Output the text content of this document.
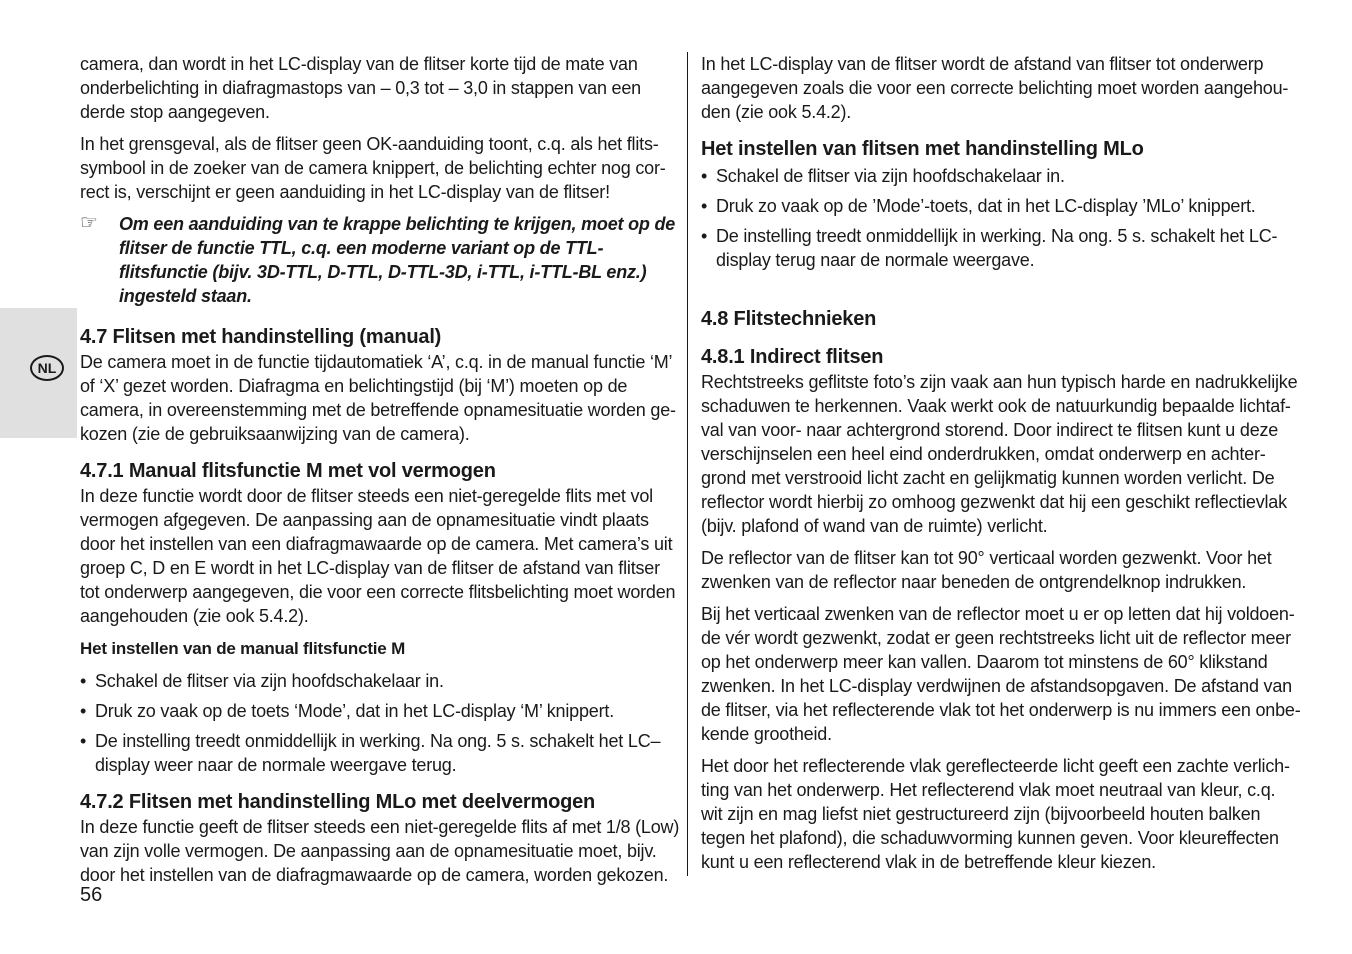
NL

camera, dan wordt in het LC-display van de flitser korte tijd de mate van onderbelichting in diafragmastops van – 0,3 tot – 3,0 in stappen van een derde stop aangegeven.

In het grensgeval, als de flitser geen OK-aanduiding toont, c.q. als het flits-symbool in de zoeker van de camera knippert, de belichting echter nog cor-rect is, verschijnt er geen aanduiding in het LC-display van de flitser!

☞ Om een aanduiding van te krappe belichting te krijgen, moet op de flitser de functie TTL, c.q. een moderne variant op de TTL-flitsfunctie (bijv. 3D-TTL, D-TTL, D-TTL-3D, i-TTL, i-TTL-BL enz.) ingesteld staan.
4.7 Flitsen met handinstelling (manual)

De camera moet in de functie tijdautomatiek ‘A’, c.q. in de manual functie ‘M’ of ‘X’ gezet worden. Diafragma en belichtingstijd (bij ‘M’) moeten op de camera, in overeenstemming met de betreffende opnamesituatie worden ge-kozen (zie de gebruiksaanwijzing van de camera).

4.7.1 Manual flitsfunctie M met vol vermogen

In deze functie wordt door de flitser steeds een niet-geregelde flits met vol vermogen afgegeven. De aanpassing aan de opnamesituatie vindt plaats door het instellen van een diafragmawaarde op de camera. Met camera’s uit groep C, D en E wordt in het LC-display van de flitser de afstand van flitser tot onderwerp aangegeven, die voor een correcte flitsbelichting moet worden aangehouden (zie ook 5.4.2).

Het instellen van de manual flitsfunctie M
• Schakel de flitser via zijn hoofdschakelaar in.
• Druk zo vaak op de toets ‘Mode’, dat in het LC-display ‘M’ knippert.
• De instelling treedt onmiddellijk in werking. Na ong. 5 s. schakelt het LC–display weer naar de normale weergave terug.
4.7.2 Flitsen met handinstelling MLo met deelvermogen

In deze functie geeft de flitser steeds een niet-geregelde flits af met 1/8 (Low) van zijn volle vermogen. De aanpassing aan de opnamesituatie moet, bijv. door het instellen van de diafragmawaarde op de camera, worden gekozen.

In het LC-display van de flitser wordt de afstand van flitser tot onderwerp aangegeven zoals die voor een correcte belichting moet worden aangehou-den (zie ook 5.4.2).

Het instellen van flitsen met handinstelling MLo
• Schakel de flitser via zijn hoofdschakelaar in.
• Druk zo vaak op de ’Mode’-toets, dat in het LC-display ’MLo’ knippert.
• De instelling treedt onmiddellijk in werking. Na ong. 5 s. schakelt het LC-display terug naar de normale weergave.
4.8 Flitstechnieken
4.8.1 Indirect flitsen

Rechtstreeks geflitste foto’s zijn vaak aan hun typisch harde en nadrukkelijke schaduwen te herkennen. Vaak werkt ook de natuurkundig bepaalde lichtaf-val van voor- naar achtergrond storend. Door indirect te flitsen kunt u deze verschijnselen een heel eind onderdrukken, omdat onderwerp en achter-grond met verstrooid licht zacht en gelijkmatig kunnen worden verlicht. De reflector wordt hierbij zo omhoog gezwenkt dat hij een geschikt reflectievlak (bijv. plafond of wand van de ruimte) verlicht.

De reflector van de flitser kan tot 90° verticaal worden gezwenkt. Voor het zwenken van de reflector naar beneden de ontgrendelknop indrukken.

Bij het verticaal zwenken van de reflector moet u er op letten dat hij voldoen-de vér wordt gezwenkt, zodat er geen rechtstreeks licht uit de reflector meer op het onderwerp meer kan vallen. Daarom tot minstens de 60° klikstand zwenken. In het LC-display verdwijnen de afstandsopgaven. De afstand van de flitser, via het reflecterende vlak tot het onderwerp is nu immers een onbe-kende grootheid.

Het door het reflecterende vlak gereflecteerde licht geeft een zachte verlich-ting van het onderwerp. Het reflecterend vlak moet neutraal van kleur, c.q. wit zijn en mag liefst niet gestructureerd zijn (bijvoorbeeld houten balken tegen het plafond), die schaduwvorming kunnen geven. Voor kleureffecten kunt u een reflecterend vlak in de betreffende kleur kiezen.

56
